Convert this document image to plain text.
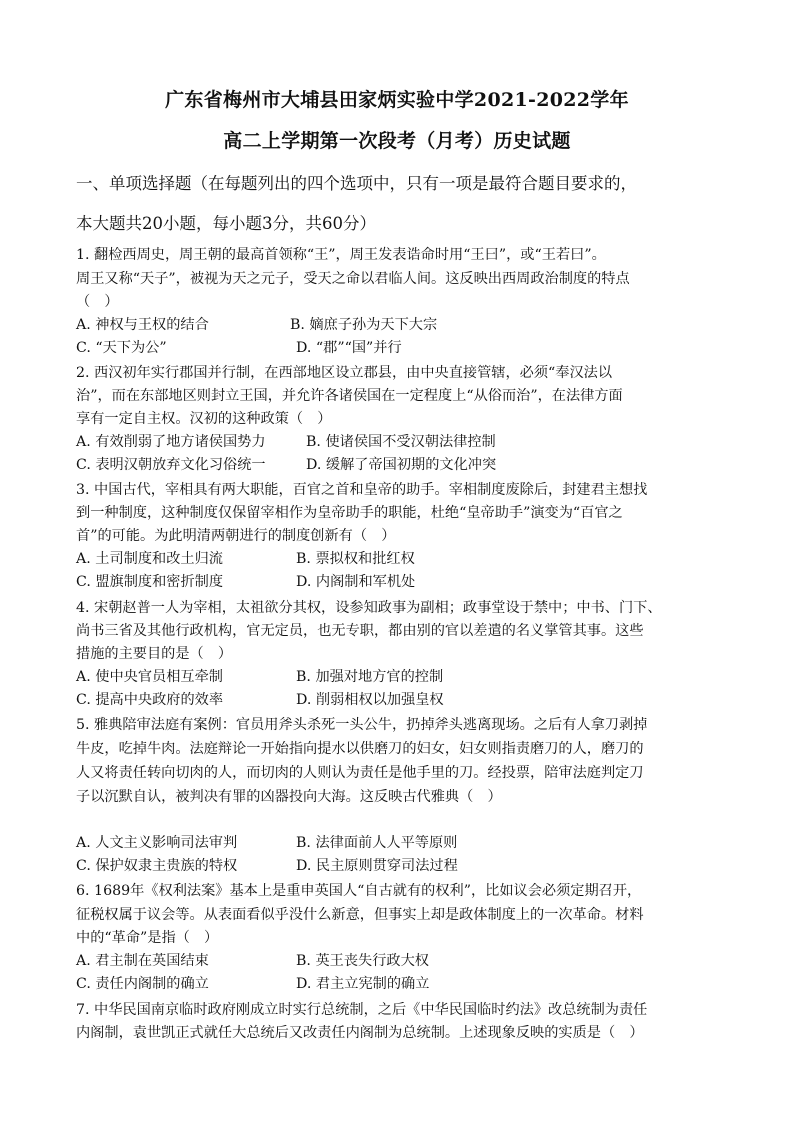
广东省梅州市大埔县田家炳实验中学2021-2022学年
高二上学期第一次段考（月考）历史试题
一、单项选择题（在每题列出的四个选项中，只有一项是最符合题目要求的，
本大题共20小题，每小题3分，共60分）
1. 翻检西周史，周王朝的最高首领称“王”，周王发表诰命时用“王曰”，或“王若曰”。
周王又称“天子”，被视为天之元子，受天之命以君临人间。这反映出西周政治制度的特点
（　）
A. 神权与王权的结合	B. 嫡庶子孙为天下大宗
C. “天下为公”	D. “郡”“国”并行
2. 西汉初年实行郡国并行制，在西部地区设立郡县，由中央直接管辖，必须“奉汉法以
治”，而在东部地区则封立王国，并允许各诸侯国在一定程度上“从俗而治”，在法律方面
享有一定自主权。汉初的这种政策（　）
A. 有效削弱了地方诸侯国势力	B. 使诸侯国不受汉朝法律控制
C. 表明汉朝放弃文化习俗统一	D. 缓解了帝国初期的文化冲突
3. 中国古代，宰相具有两大职能，百官之首和皇帝的助手。宰相制度废除后，封建君主想找
到一种制度，这种制度仅保留宰相作为皇帝助手的职能，杜绝“皇帝助手”演变为“百官之
首”的可能。为此明清两朝进行的制度创新有（　）
A. 土司制度和改土归流	B. 票拟权和批红权
C. 盟旗制度和密折制度	D. 内阁制和军机处
4. 宋朝赵普一人为宰相，太祖欲分其权，设参知政事为副相；政事堂设于禁中；中书、门下、
尚书三省及其他行政机构，官无定员，也无专职，都由别的官以差遣的名义掌管其事。这些
措施的主要目的是（　）
A. 使中央官员相互牵制	B. 加强对地方官的控制
C. 提高中央政府的效率	D. 削弱相权以加强皇权
5. 雅典陪审法庭有案例：官员用斧头杀死一头公牛，扔掉斧头逃离现场。之后有人拿刀剥掉
牛皮，吃掉牛肉。法庭辩论一开始指向提水以供磨刀的妇女，妇女则指责磨刀的人，磨刀的
人又将责任转向切肉的人，而切肉的人则认为责任是他手里的刀。经投票，陪审法庭判定刀
子以沉默自认，被判决有罪的凶器投向大海。这反映古代雅典（　）
A. 人文主义影响司法审判	B. 法律面前人人平等原则
C. 保护奴隶主贵族的特权	D. 民主原则贯穿司法过程
6. 1689年《权利法案》基本上是重申英国人“自古就有的权利”，比如议会必须定期召开，
征税权属于议会等。从表面看似乎没什么新意，但事实上却是政体制度上的一次革命。材料
中的“革命”是指（　）
A. 君主制在英国结束	B. 英王丧失行政大权
C. 责任内阁制的确立	D. 君主立宪制的确立
7. 中华民国南京临时政府刚成立时实行总统制，之后《中华民国临时约法》改总统制为责任
内阁制，袁世凯正式就任大总统后又改责任内阁制为总统制。上述现象反映的实质是（　）
